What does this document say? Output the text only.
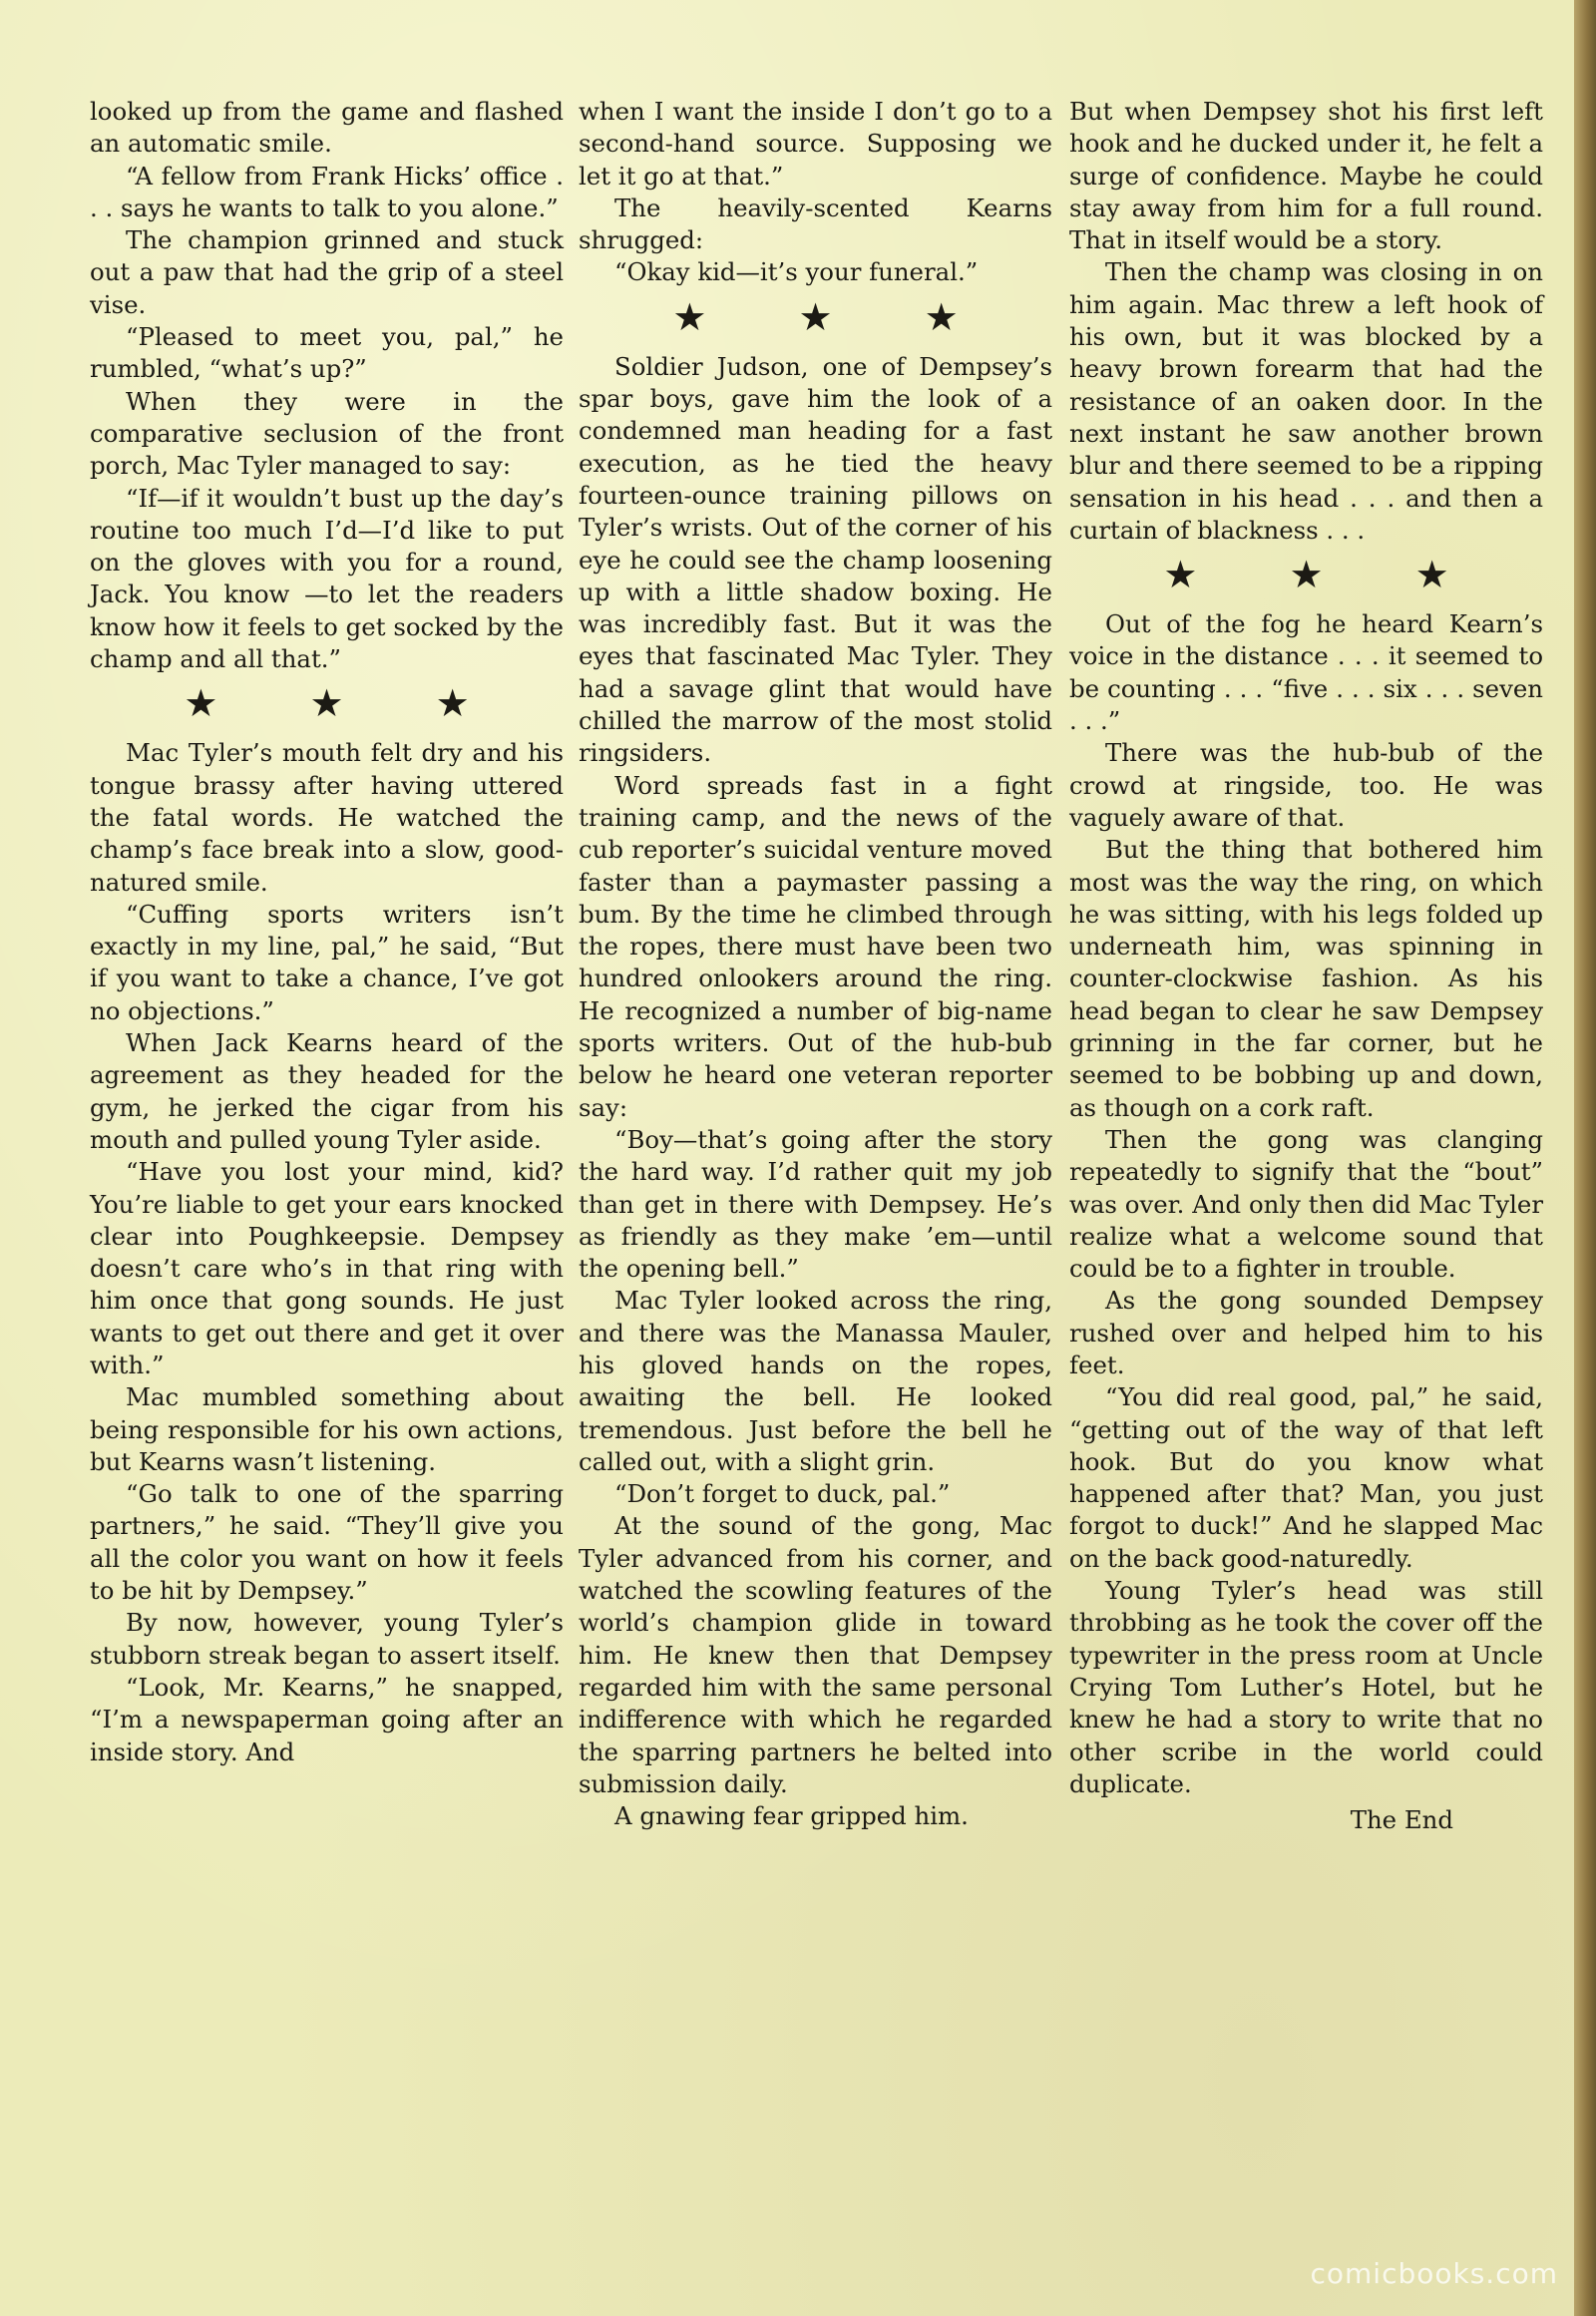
looked up from the game and flashed an automatic smile.

“A fellow from Frank Hicks’ office . . . says he wants to talk to you alone.”

The champion grinned and stuck out a paw that had the grip of a steel vise.

“Pleased to meet you, pal,” he rumbled, “what’s up?”

When they were in the comparative seclusion of the front porch, Mac Tyler managed to say:

“If—if it wouldn’t bust up the day’s routine too much I’d—I’d like to put on the gloves with you for a round, Jack. You know —to let the readers know how it feels to get socked by the champ and all that.”

★ ★ ★

Mac Tyler’s mouth felt dry and his tongue brassy after having uttered the fatal words. He watched the champ’s face break into a slow, good-natured smile.

“Cuffing sports writers isn’t exactly in my line, pal,” he said, “But if you want to take a chance, I’ve got no objections.”

When Jack Kearns heard of the agreement as they headed for the gym, he jerked the cigar from his mouth and pulled young Tyler aside.

“Have you lost your mind, kid? You’re liable to get your ears knocked clear into Poughkeepsie. Dempsey doesn’t care who’s in that ring with him once that gong sounds. He just wants to get out there and get it over with.”

Mac mumbled something about being responsible for his own actions, but Kearns wasn’t listening.

“Go talk to one of the sparring partners,” he said. “They’ll give you all the color you want on how it feels to be hit by Dempsey.”

By now, however, young Tyler’s stubborn streak began to assert itself.

“Look, Mr. Kearns,” he snapped, “I’m a newspaperman going after an inside story. And

when I want the inside I don’t go to a second-hand source. Supposing we let it go at that.”

The heavily-scented Kearns shrugged:

“Okay kid—it’s your funeral.”

★ ★ ★

Soldier Judson, one of Dempsey’s spar boys, gave him the look of a condemned man heading for a fast execution, as he tied the heavy fourteen-ounce training pillows on Tyler’s wrists. Out of the corner of his eye he could see the champ loosening up with a little shadow boxing. He was incredibly fast. But it was the eyes that fascinated Mac Tyler. They had a savage glint that would have chilled the marrow of the most stolid ringsiders.

Word spreads fast in a fight training camp, and the news of the cub reporter’s suicidal venture moved faster than a paymaster passing a bum. By the time he climbed through the ropes, there must have been two hundred onlookers around the ring. He recognized a number of big-name sports writers. Out of the hub-bub below he heard one veteran reporter say:

“Boy—that’s going after the story the hard way. I’d rather quit my job than get in there with Dempsey. He’s as friendly as they make ’em—until the opening bell.”

Mac Tyler looked across the ring, and there was the Manassa Mauler, his gloved hands on the ropes, awaiting the bell. He looked tremendous. Just before the bell he called out, with a slight grin.

“Don’t forget to duck, pal.”

At the sound of the gong, Mac Tyler advanced from his corner, and watched the scowling features of the world’s champion glide in toward him. He knew then that Dempsey regarded him with the same personal indifference with which he regarded the sparring partners he belted into submission daily.

A gnawing fear gripped him.

But when Dempsey shot his first left hook and he ducked under it, he felt a surge of confidence. Maybe he could stay away from him for a full round. That in itself would be a story.

Then the champ was closing in on him again. Mac threw a left hook of his own, but it was blocked by a heavy brown forearm that had the resistance of an oaken door. In the next instant he saw another brown blur and there seemed to be a ripping sensation in his head . . . and then a curtain of blackness . . .

★ ★ ★

Out of the fog he heard Kearn’s voice in the distance . . . it seemed to be counting . . . “five . . . six . . . seven . . .”

There was the hub-bub of the crowd at ringside, too. He was vaguely aware of that.

But the thing that bothered him most was the way the ring, on which he was sitting, with his legs folded up underneath him, was spinning in counter-clockwise fashion. As his head began to clear he saw Dempsey grinning in the far corner, but he seemed to be bobbing up and down, as though on a cork raft.

Then the gong was clanging repeatedly to signify that the “bout” was over. And only then did Mac Tyler realize what a welcome sound that could be to a fighter in trouble.

As the gong sounded Dempsey rushed over and helped him to his feet.

“You did real good, pal,” he said, “getting out of the way of that left hook. But do you know what happened after that? Man, you just forgot to duck!” And he slapped Mac on the back good-naturedly.

Young Tyler’s head was still throbbing as he took the cover off the typewriter in the press room at Uncle Crying Tom Luther’s Hotel, but he knew he had a story to write that no other scribe in the world could duplicate.

The End
comicbooks.com
